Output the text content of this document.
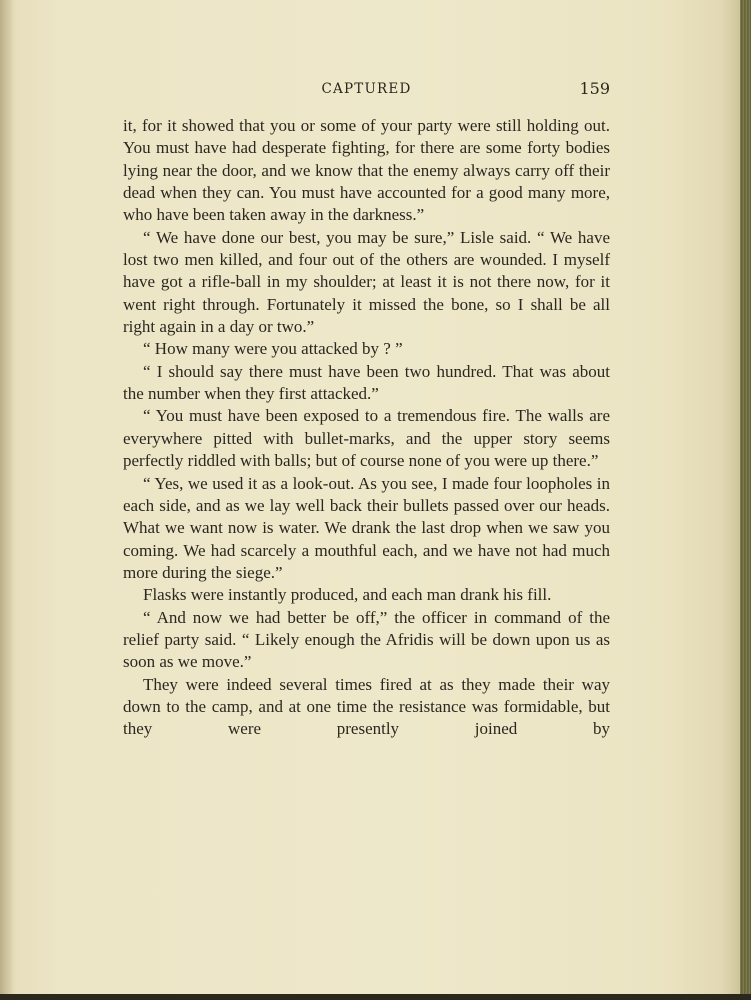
CAPTURED	159

it, for it showed that you or some of your party were still holding out. You must have had desperate fighting, for there are some forty bodies lying near the door, and we know that the enemy always carry off their dead when they can. You must have accounted for a good many more, who have been taken away in the darkness.”

“ We have done our best, you may be sure,” Lisle said. “ We have lost two men killed, and four out of the others are wounded. I myself have got a rifle-ball in my shoulder; at least it is not there now, for it went right through. Fortunately it missed the bone, so I shall be all right again in a day or two.”

“ How many were you attacked by ? ”

“ I should say there must have been two hundred. That was about the number when they first attacked.”

“ You must have been exposed to a tremendous fire. The walls are everywhere pitted with bullet-marks, and the upper story seems perfectly riddled with balls; but of course none of you were up there.”

“ Yes, we used it as a look-out. As you see, I made four loopholes in each side, and as we lay well back their bullets passed over our heads. What we want now is water. We drank the last drop when we saw you coming. We had scarcely a mouthful each, and we have not had much more during the siege.”

Flasks were instantly produced, and each man drank his fill.

“ And now we had better be off,” the officer in command of the relief party said. “ Likely enough the Afridis will be down upon us as soon as we move.”

They were indeed several times fired at as they made their way down to the camp, and at one time the resistance was formidable, but they were presently joined by
